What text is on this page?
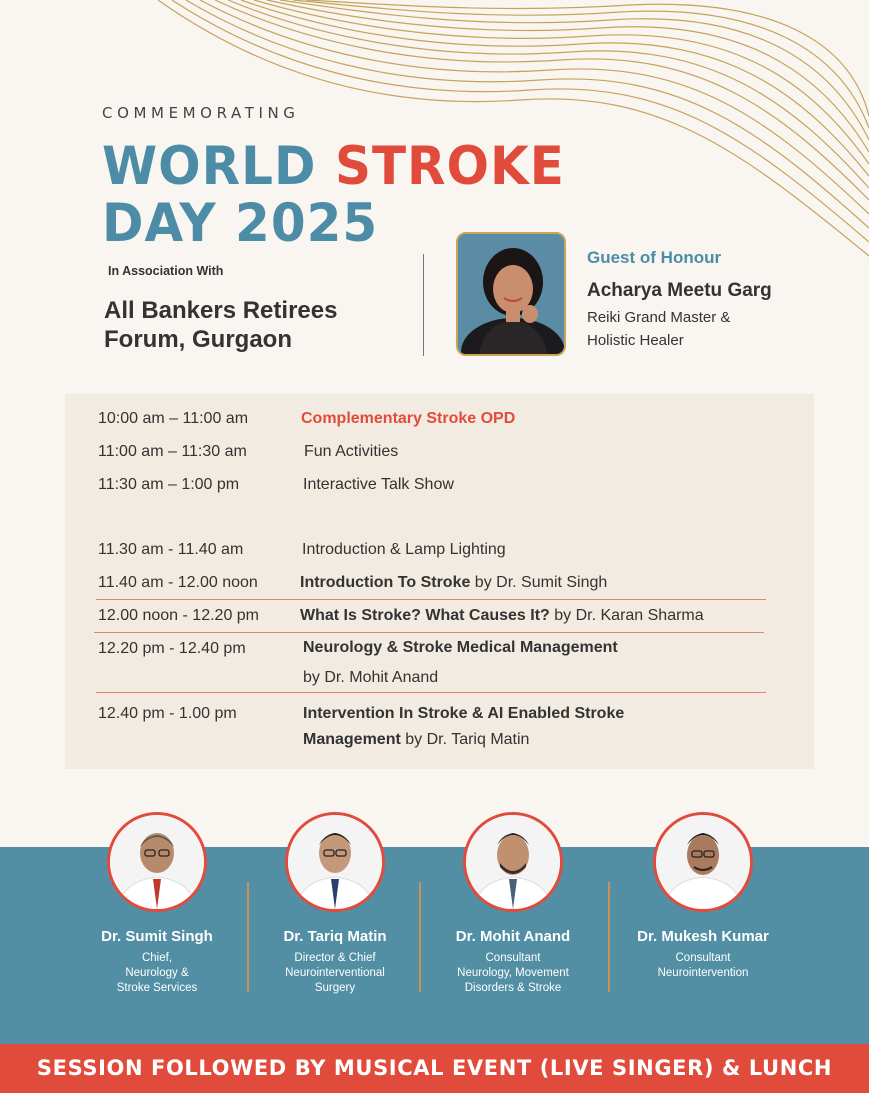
COMMEMORATING
WORLD STROKE
DAY 2025
In Association With
All Bankers Retirees
Forum, Gurgaon
Guest of Honour
Acharya Meetu Garg
Reiki Grand Master &
Holistic Healer
10:00 am – 11:00 am	Complementary Stroke OPD
11:00 am – 11:30 am	Fun Activities
11:30 am – 1:00 pm	Interactive Talk Show
11.30 am - 11.40 am	Introduction & Lamp Lighting
11.40 am - 12.00 noon	Introduction To Stroke by Dr. Sumit Singh
12.00 noon - 12.20 pm	What Is Stroke? What Causes It? by Dr. Karan Sharma
12.20 pm - 12.40 pm	Neurology & Stroke Medical Management
by Dr. Mohit Anand
12.40 pm - 1.00 pm	Intervention In Stroke & AI Enabled Stroke
Management by Dr. Tariq Matin
Dr. Sumit Singh
Chief,
Neurology &
Stroke Services
Dr. Tariq Matin
Director & Chief
Neurointerventional
Surgery
Dr. Mohit Anand
Consultant
Neurology, Movement
Disorders & Stroke
Dr. Mukesh Kumar
Consultant
Neurointervention
SESSION FOLLOWED BY MUSICAL EVENT (LIVE SINGER) & LUNCH
